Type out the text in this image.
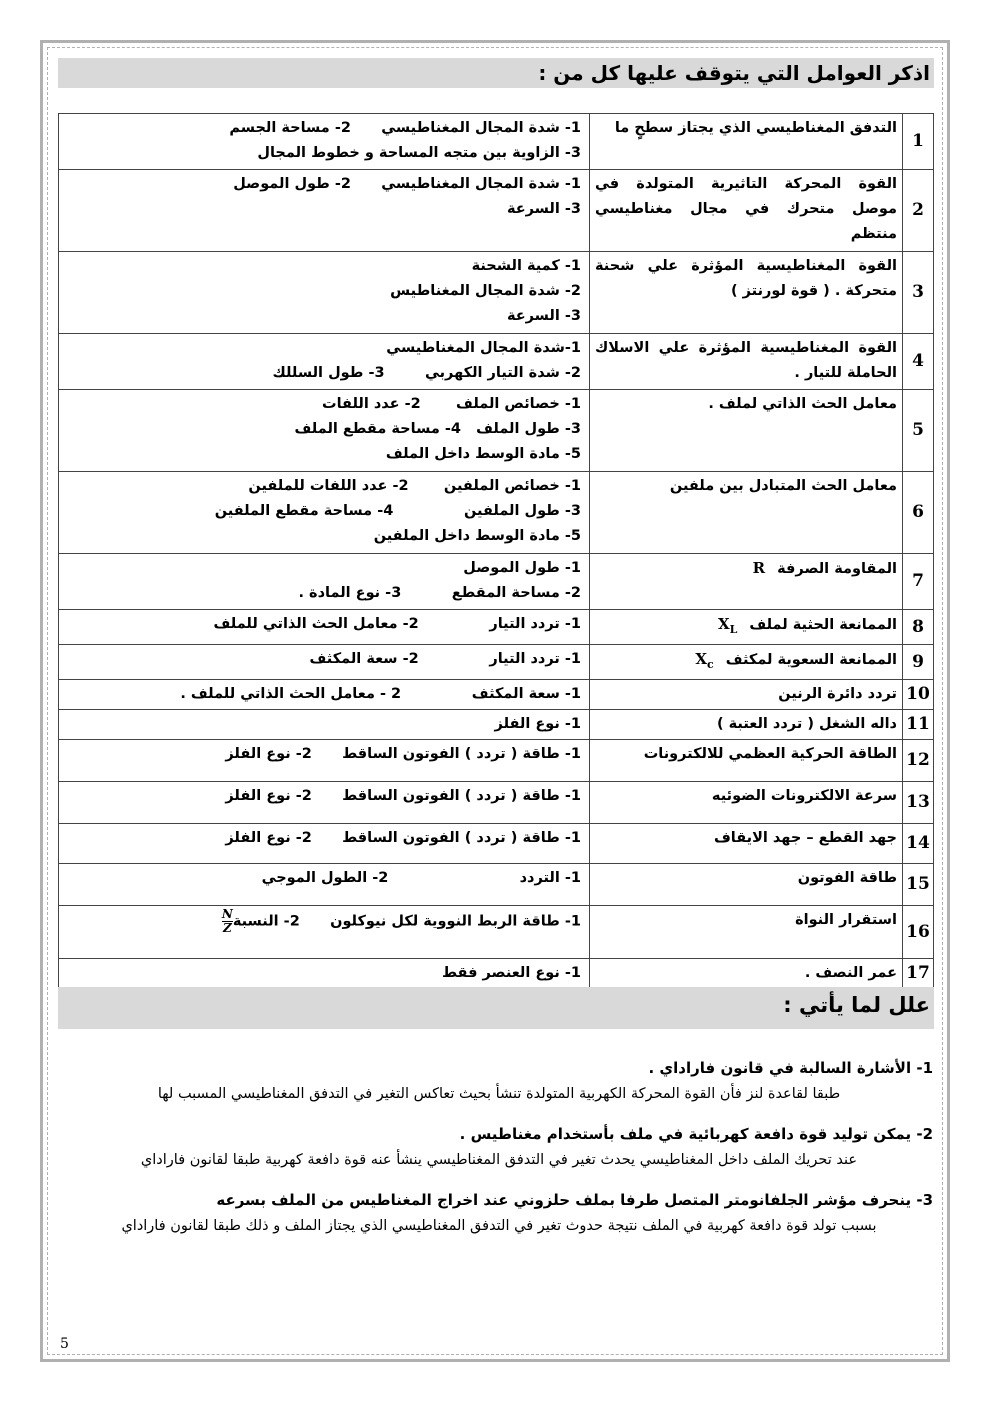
اذكر العوامل التي يتوقف عليها كل من :
1	التدفق المغناطيسي الذي يجتاز سطحٍ ما	1- شدة المجال المغناطيسي      2- مساحة الجسم
3- الزاوية بين متجه المساحة و خطوط المجال

2	القوة المحركة التاثيرية المتولدة في موصل متحرك في مجال مغناطيسي منتظم	1- شدة المجال المغناطيسي      2- طول الموصل
3- السرعة

3	القوة المغناطيسية المؤثرة علي شحنة متحركة . ( قوة لورنتز )	1- كمية الشحنة
2- شدة المجال المغناطيس
3- السرعة

4	القوة المغناطيسية المؤثرة علي الاسلاك الحاملة للتيار .	1-شدة المجال المغناطيسي
2- شدة التيار الكهربي        3- طول السللك

5	معامل الحث الذاتي لملف .	1- خصائص الملف       2- عدد اللفات
3- طول الملف   4- مساحة مقطع الملف
5- مادة الوسط داخل الملف

6	معامل الحث المتبادل بين ملفين	1- خصائص الملفين       2- عدد اللفات للملفين
3- طول الملفين              4- مساحة مقطع الملفين
5- مادة الوسط داخل الملفين

7	المقاومة الصرفةR	1- طول الموصل
2- مساحة المقطع          3- نوع المادة .

8	الممانعة الحثية لملفX$_L$	1- تردد التيار              2- معامل الحث الذاتي للملف

9	الممانعة السعوية لمكثفX$_c$	1- تردد التيار              2- سعة المكثف

10	تردد دائرة الرنين	1- سعة المكثف              2 - معامل الحث الذاتي للملف .

11	داله الشغل ( تردد العتبة )	1- نوع الفلز

12	الطاقة الحركية العظمي للالكترونات	1- طاقة ( تردد ) الفوتون الساقط      2- نوع الفلز

13	سرعة الالكترونات الضوئيه	1- طاقة ( تردد ) الفوتون الساقط      2- نوع الفلز

14	جهد القطع – جهد الايقاف	1- طاقة ( تردد ) الفوتون الساقط      2- نوع الفلز

15	طاقة الفوتون	1- التردد                          2- الطول الموجي

16	استقرار النواة	1- طاقة الربط النووية لكل نيوكلون      2- النسبة
$\frac{N}{Z}$

17	عمر النصف .	1- نوع العنصر فقط
علل لما يأتي :
1- الأشارة السالبة في قانون فاراداي .
طبقا لقاعدة لنز فأن القوة المحركة الكهربية المتولدة تنشأ بحيث تعاكس التغير في التدفق المغناطيسي المسبب لها
2- يمكن توليد قوة دافعة كهربائية في ملف بأستخدام مغناطيس .
عند تحريك الملف داخل المغناطيسي يحدث تغير في التدفق المغناطيسي ينشأ عنه قوة دافعة كهربية طبقا لقانون فاراداي
3- ينحرف مؤشر الجلفانومتر المتصل طرفا بملف حلزوني عند اخراج المغناطيس من الملف بسرعه
بسبب تولد قوة دافعة كهربية في الملف نتيجة حدوث تغير في التدفق المغناطيسي الذي يجتاز الملف و ذلك طبقا لقانون فاراداي
5
